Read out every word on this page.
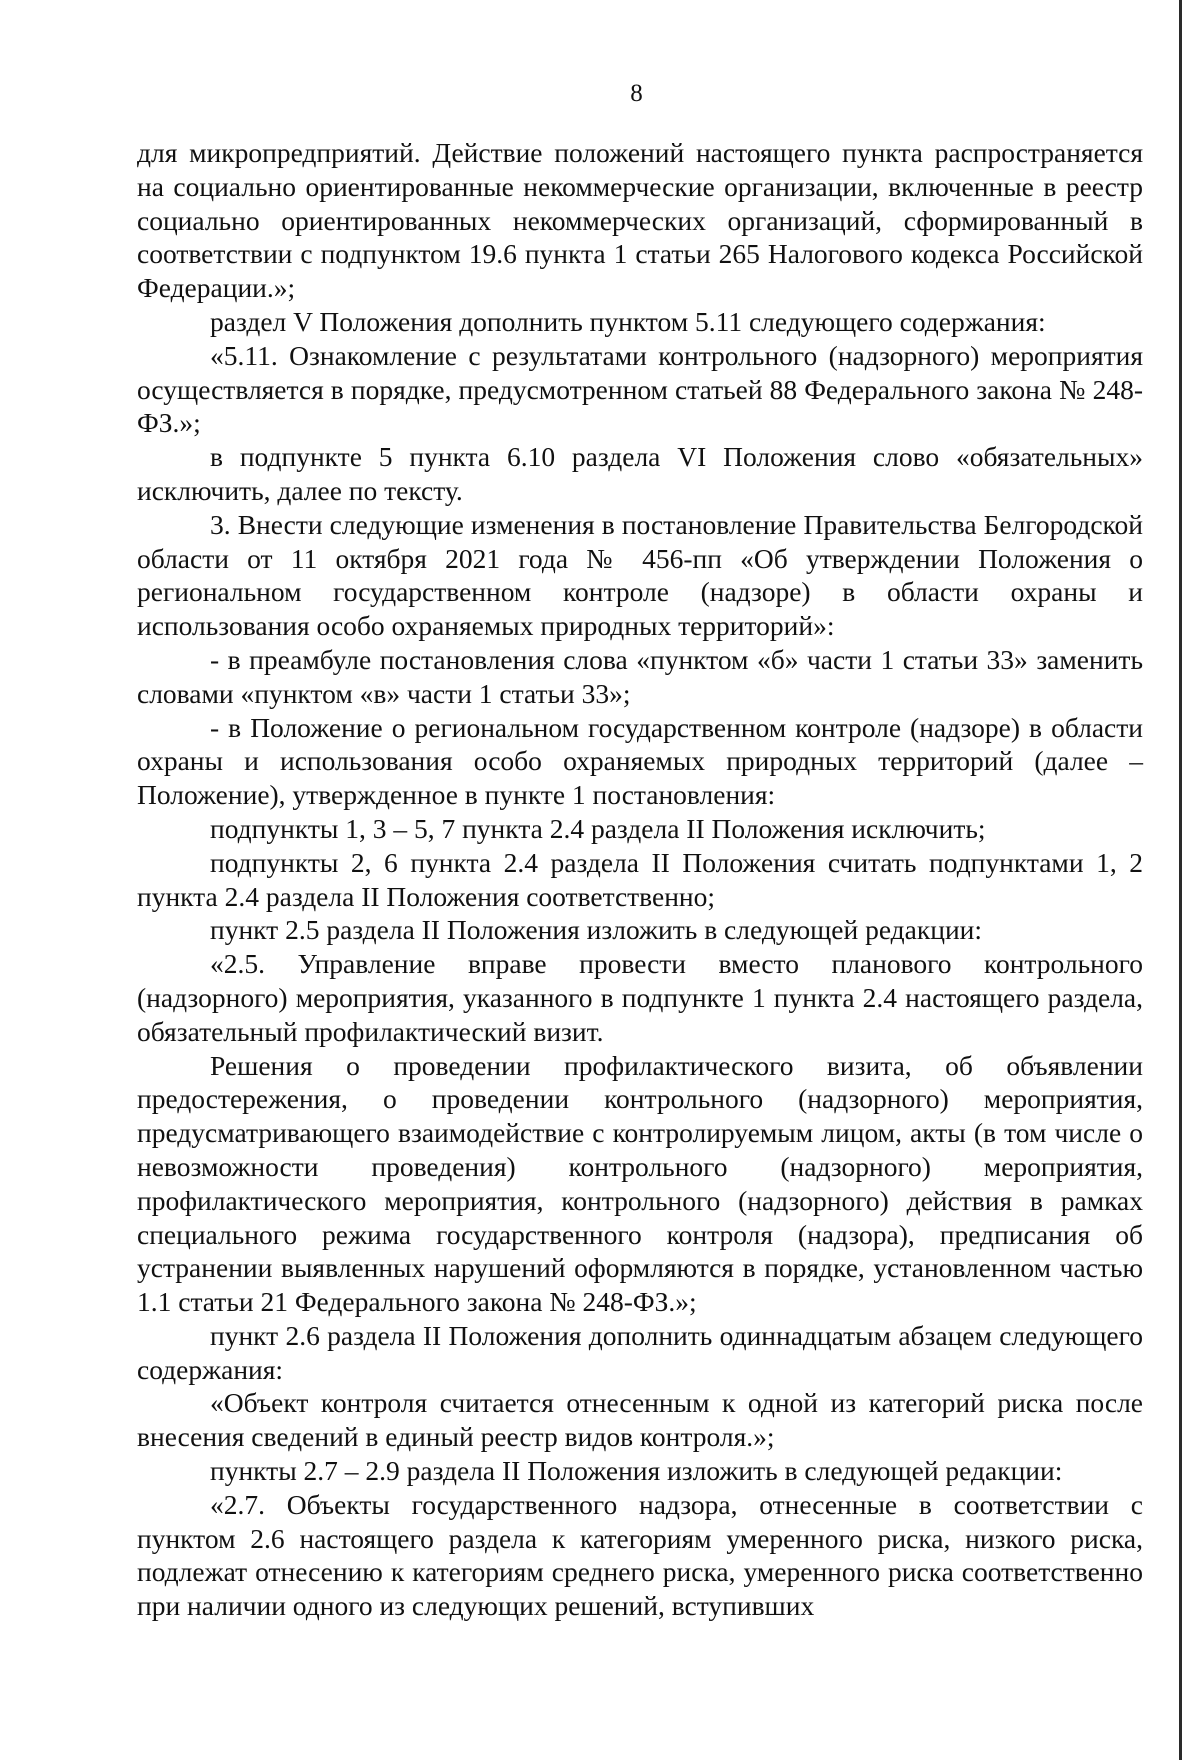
8

для микропредприятий. Действие положений настоящего пункта распространяется на социально ориентированные некоммерческие организации, включенные в реестр социально ориентированных некоммерческих организаций, сформированный в соответствии с подпунктом 19.6 пункта 1 статьи 265 Налогового кодекса Российской Федерации.»;

раздел V Положения дополнить пунктом 5.11 следующего содержания:

«5.11. Ознакомление с результатами контрольного (надзорного) мероприятия осуществляется в порядке, предусмотренном статьей 88 Федерального закона № 248-ФЗ.»;

в подпункте 5 пункта 6.10 раздела VI Положения слово «обязательных» исключить, далее по тексту.

3. Внести следующие изменения в постановление Правительства Белгородской области от 11 октября 2021 года № 456-пп «Об утверждении Положения о региональном государственном контроле (надзоре) в области охраны и использования особо охраняемых природных территорий»:

- в преамбуле постановления слова «пунктом «б» части 1 статьи 33» заменить словами «пунктом «в» части 1 статьи 33»;

- в Положение о региональном государственном контроле (надзоре) в области охраны и использования особо охраняемых природных территорий (далее – Положение), утвержденное в пункте 1 постановления:

подпункты 1, 3 – 5, 7 пункта 2.4 раздела II Положения исключить;

подпункты 2, 6 пункта 2.4 раздела II Положения считать подпунктами 1, 2 пункта 2.4 раздела II Положения соответственно;

пункт 2.5 раздела II Положения изложить в следующей редакции:

«2.5. Управление вправе провести вместо планового контрольного (надзорного) мероприятия, указанного в подпункте 1 пункта 2.4 настоящего раздела, обязательный профилактический визит.

Решения о проведении профилактического визита, об объявлении предостережения, о проведении контрольного (надзорного) мероприятия, предусматривающего взаимодействие с контролируемым лицом, акты (в том числе о невозможности проведения) контрольного (надзорного) мероприятия, профилактического мероприятия, контрольного (надзорного) действия в рамках специального режима государственного контроля (надзора), предписания об устранении выявленных нарушений оформляются в порядке, установленном частью 1.1 статьи 21 Федерального закона № 248-ФЗ.»;

пункт 2.6 раздела II Положения дополнить одиннадцатым абзацем следующего содержания:

«Объект контроля считается отнесенным к одной из категорий риска после внесения сведений в единый реестр видов контроля.»;

пункты 2.7 – 2.9 раздела II Положения изложить в следующей редакции:

«2.7. Объекты государственного надзора, отнесенные в соответствии с пунктом 2.6 настоящего раздела к категориям умеренного риска, низкого риска, подлежат отнесению к категориям среднего риска, умеренного риска соответственно при наличии одного из следующих решений, вступивших
